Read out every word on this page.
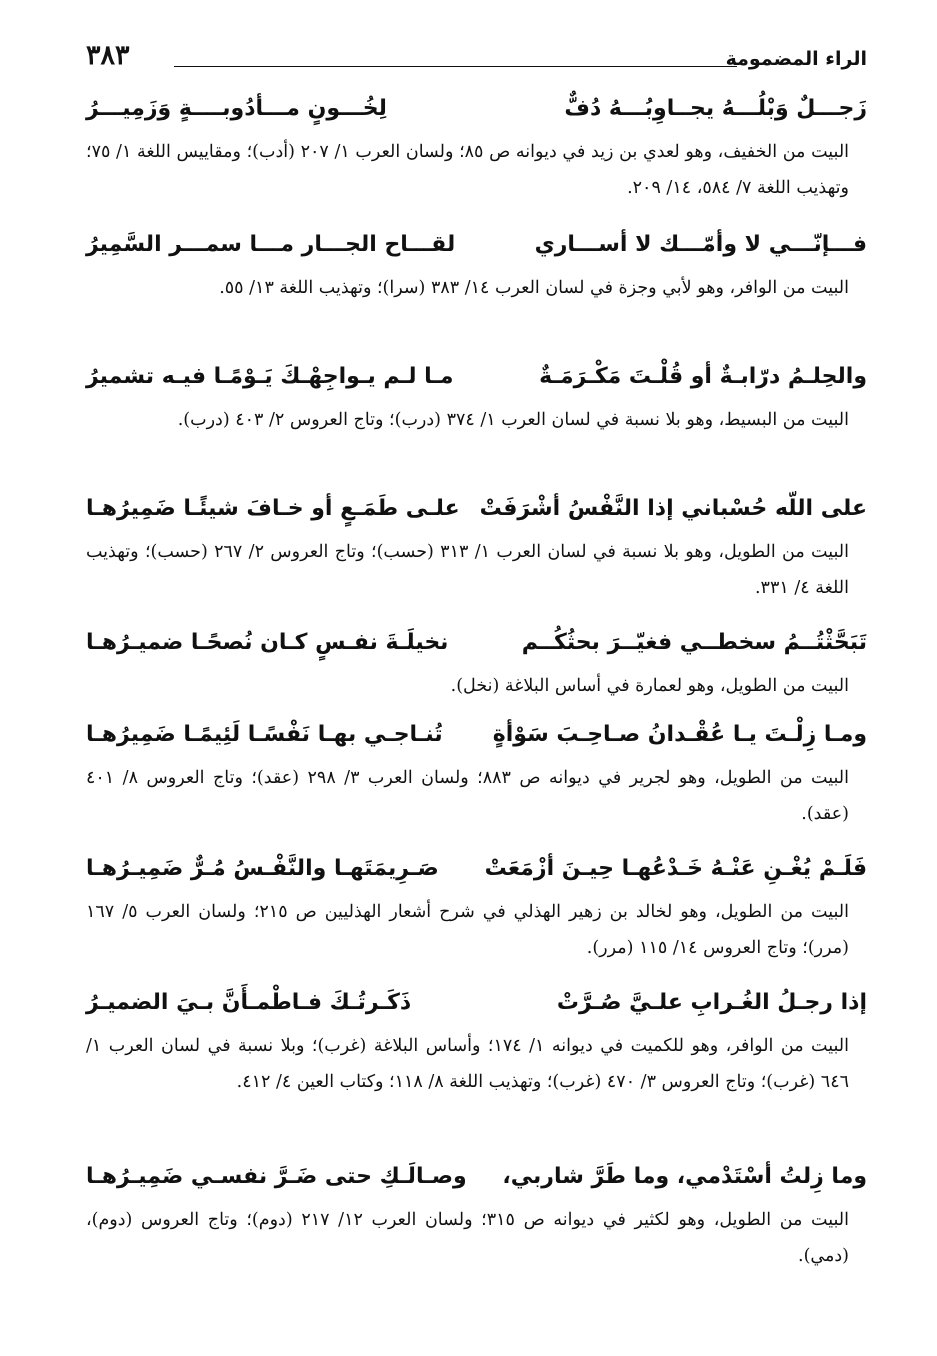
الراء المضمومة
٣٨٣
زَجـــلٌ وَبْلُـــهُ يجــاوِبُـــهُ دُفٌّ
لِخُـــونٍ مـــأدُوبــــةٍ وَزَمِيـــرُ
البيت من الخفيف، وهو لعدي بن زيد في ديوانه ص ٨٥؛ ولسان العرب ١/ ٢٠٧ (أدب)؛ ومقاييس اللغة ١/ ٧٥؛ وتهذيب اللغة ٧/ ٥٨٤، ١٤/ ٢٠٩.
فـــإنّـــي لا وأمّـــك لا أســـاري
لقـــاح الجـــار مـــا سمـــر السَّمِيرُ
البيت من الوافر، وهو لأبي وجزة في لسان العرب ١٤/ ٣٨٣ (سرا)؛ وتهذيب اللغة ١٣/ ٥٥.
والحِلـمُ درّابـةٌ أو قُلْـتَ مَكْـرَمَـةٌ
مـا لـم يـواجِهْـكَ يَـوْمًـا فيـه تشميرُ
البيت من البسيط، وهو بلا نسبة في لسان العرب ١/ ٣٧٤ (درب)؛ وتاج العروس ٢/ ٤٠٣ (درب).
على اللّه حُسْباني إذا النَّفْسُ أشْرَفَتْ
علـى طَمَـعٍ أو خـافَ شيئًـا ضَمِيرُهـا
البيت من الطويل، وهو بلا نسبة في لسان العرب ١/ ٣١٣ (حسب)؛ وتاج العروس ٢/ ٢٦٧ (حسب)؛ وتهذيب اللغة ٤/ ٣٣١.
تَبَحَّثْتُــمُ سخطــي فغيّــرَ بحثُكُــم
نخيلَـةَ نفـسٍ كـان نُصحًـا ضميـرُهـا
البيت من الطويل، وهو لعمارة في أساس البلاغة (نخل).
ومـا زِلْـتَ يـا عُقْـدانُ صـاحِـبَ سَوْأةٍ
تُنـاجـي بهـا نَفْسًـا لَئِيمًـا ضَمِيرُهـا
البيت من الطويل، وهو لجرير في ديوانه ص ٨٨٣؛ ولسان العرب ٣/ ٢٩٨ (عقد)؛ وتاج العروس ٨/ ٤٠١ (عقد).
فَلَـمْ يُغْـنِ عَنْـهُ خَـدْعُهـا حِيـنَ أزْمَعَتْ
صَـرِيمَتَهـا والنَّفْـسُ مُـرٌّ ضَمِيـرُهـا
البيت من الطويل، وهو لخالد بن زهير الهذلي في شرح أشعار الهذليين ص ٢١٥؛ ولسان العرب ٥/ ١٦٧ (مرر)؛ وتاج العروس ١٤/ ١١٥ (مرر).
إذا رجـلُ الغُـرابِ علـيَّ صُـرَّتْ
ذَكَـرتُـكَ فـاطْمـأَنَّ بـيَ الضميـرُ
البيت من الوافر، وهو للكميت في ديوانه ١/ ١٧٤؛ وأساس البلاغة (غرب)؛ وبلا نسبة في لسان العرب ١/ ٦٤٦ (غرب)؛ وتاج العروس ٣/ ٤٧٠ (غرب)؛ وتهذيب اللغة ٨/ ١١٨؛ وكتاب العين ٤/ ٤١٢.
وما زِلتُ أسْتَدْمي، وما طَرَّ شاربي،
وصـالَـكِ حتى ضَـرَّ نفسـي ضَمِيـرُهـا
البيت من الطويل، وهو لكثير في ديوانه ص ٣١٥؛ ولسان العرب ١٢/ ٢١٧ (دوم)؛ وتاج العروس (دوم)، (دمي).
